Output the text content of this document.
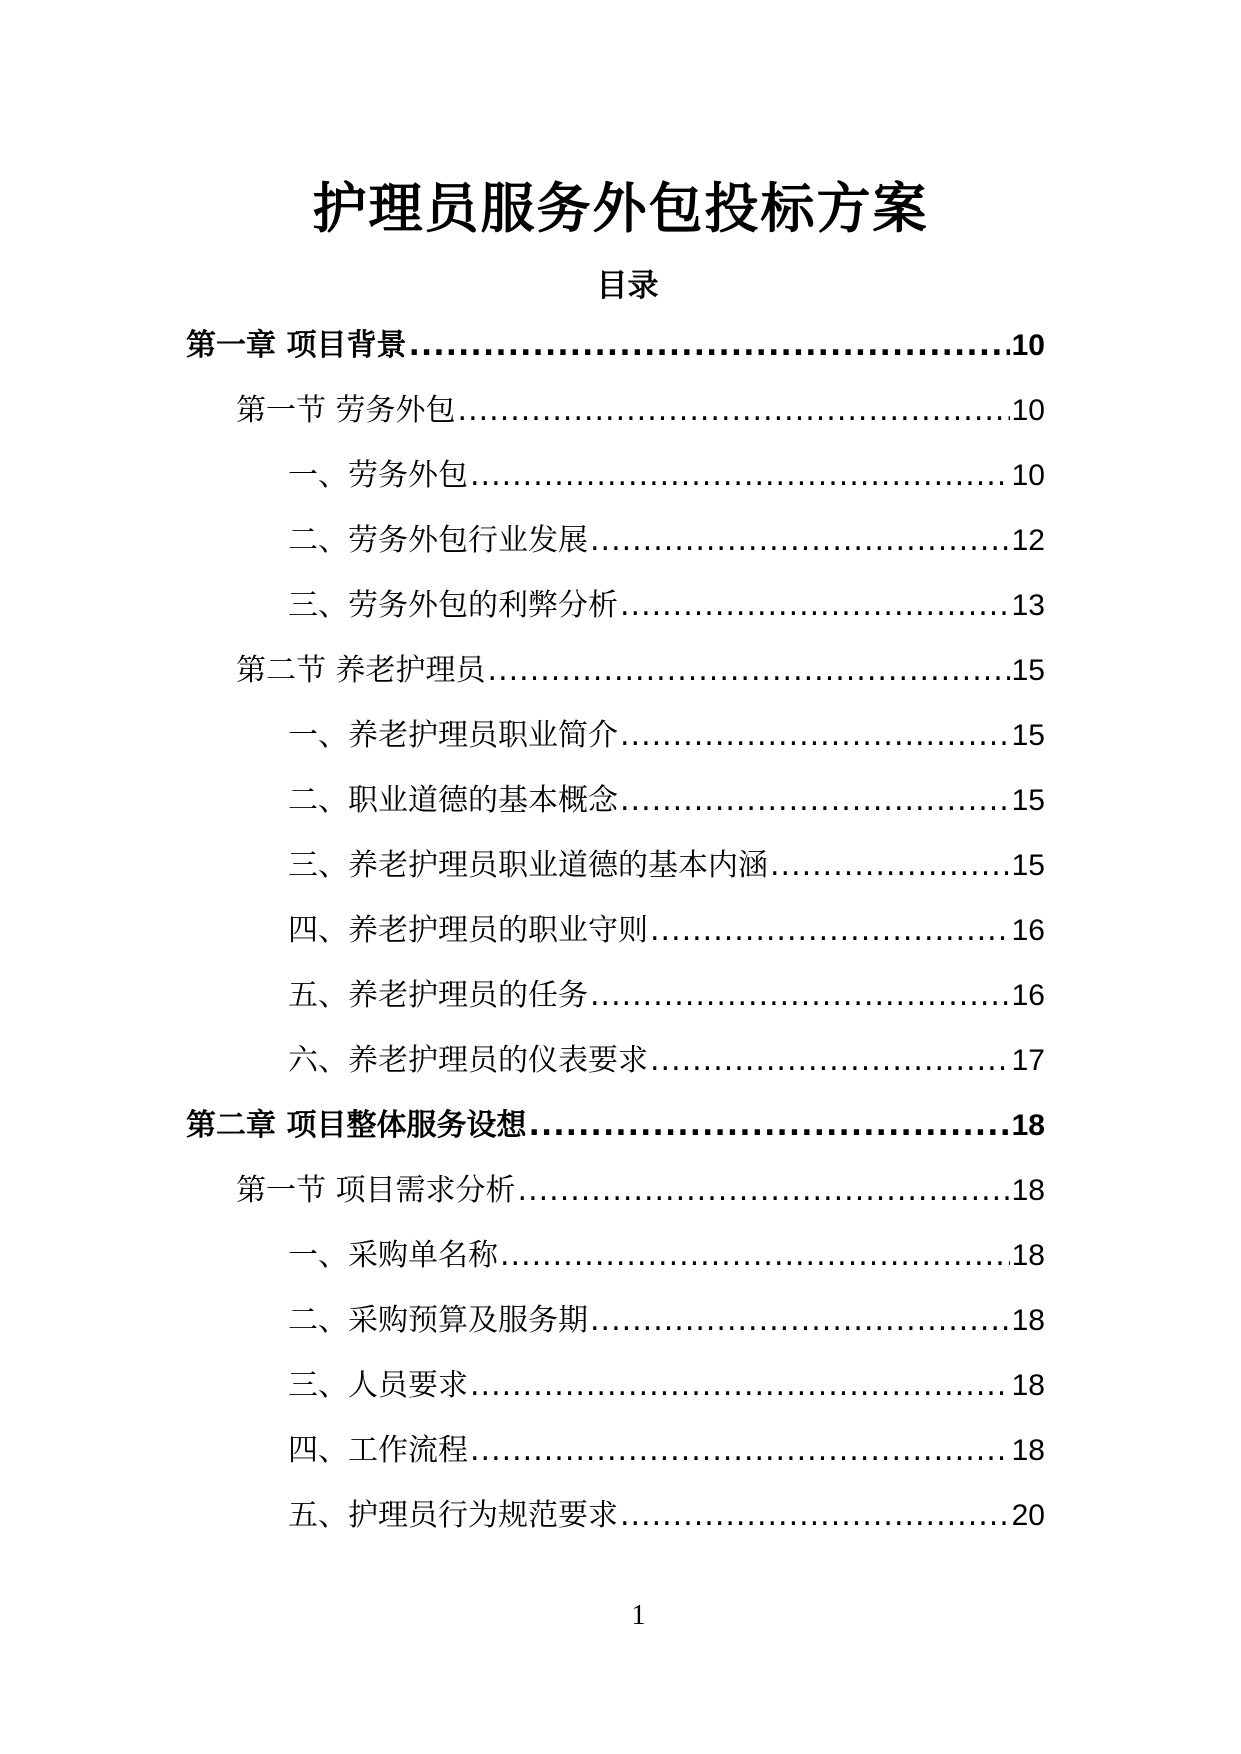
护理员服务外包投标方案
目录
第一章 项目背景 .....	10
第一节 劳务外包 .....	10
一、劳务外包 .....	10
二、劳务外包行业发展 .....	12
三、劳务外包的利弊分析 .....	13
第二节 养老护理员 .....	15
一、养老护理员职业简介 .....	15
二、职业道德的基本概念 .....	15
三、养老护理员职业道德的基本内涵 .....	15
四、养老护理员的职业守则 .....	16
五、养老护理员的任务 .....	16
六、养老护理员的仪表要求 .....	17
第二章 项目整体服务设想 .....	18
第一节 项目需求分析 .....	18
一、采购单名称 .....	18
二、采购预算及服务期 .....	18
三、人员要求 .....	18
四、工作流程 .....	18
五、护理员行为规范要求 .....	20
1
